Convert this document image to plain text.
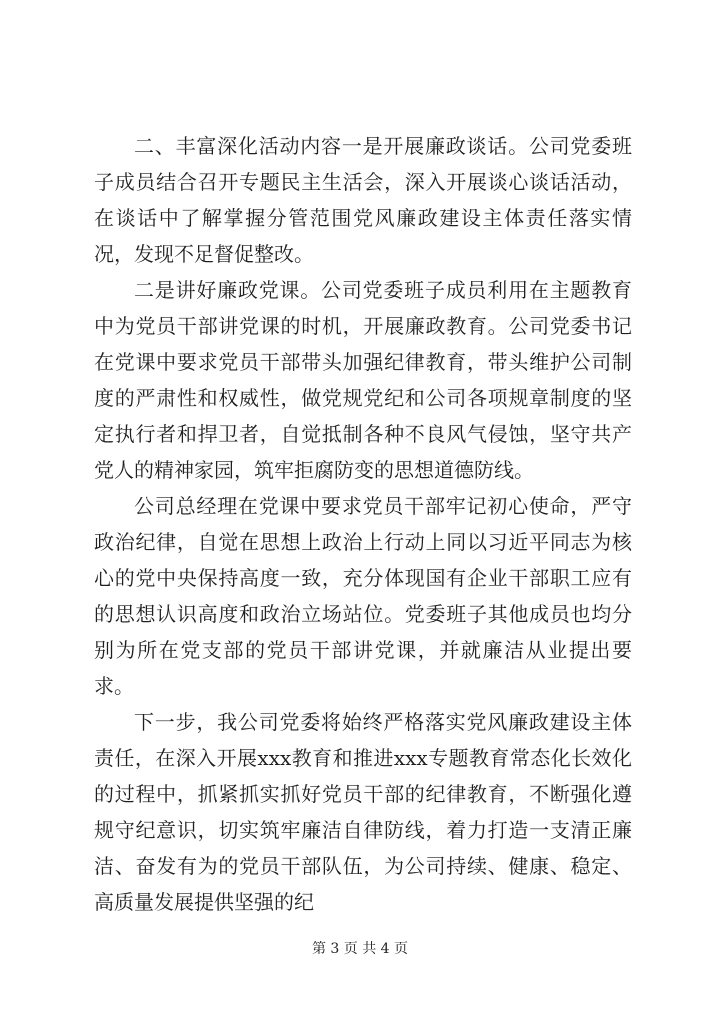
二、丰富深化活动内容一是开展廉政谈话。公司党委班子成员结合召开专题民主生活会，深入开展谈心谈话活动，在谈话中了解掌握分管范围党风廉政建设主体责任落实情况，发现不足督促整改。

二是讲好廉政党课。公司党委班子成员利用在主题教育中为党员干部讲党课的时机，开展廉政教育。公司党委书记在党课中要求党员干部带头加强纪律教育，带头维护公司制度的严肃性和权威性，做党规党纪和公司各项规章制度的坚定执行者和捍卫者，自觉抵制各种不良风气侵蚀，坚守共产党人的精神家园，筑牢拒腐防变的思想道德防线。

公司总经理在党课中要求党员干部牢记初心使命，严守政治纪律，自觉在思想上政治上行动上同以习近平同志为核心的党中央保持高度一致，充分体现国有企业干部职工应有的思想认识高度和政治立场站位。党委班子其他成员也均分别为所在党支部的党员干部讲党课，并就廉洁从业提出要求。

下一步，我公司党委将始终严格落实党风廉政建设主体责任，在深入开展xxx教育和推进xxx专题教育常态化长效化的过程中，抓紧抓实抓好党员干部的纪律教育，不断强化遵规守纪意识，切实筑牢廉洁自律防线，着力打造一支清正廉洁、奋发有为的党员干部队伍，为公司持续、健康、稳定、高质量发展提供坚强的纪

第 3 页 共 4 页
